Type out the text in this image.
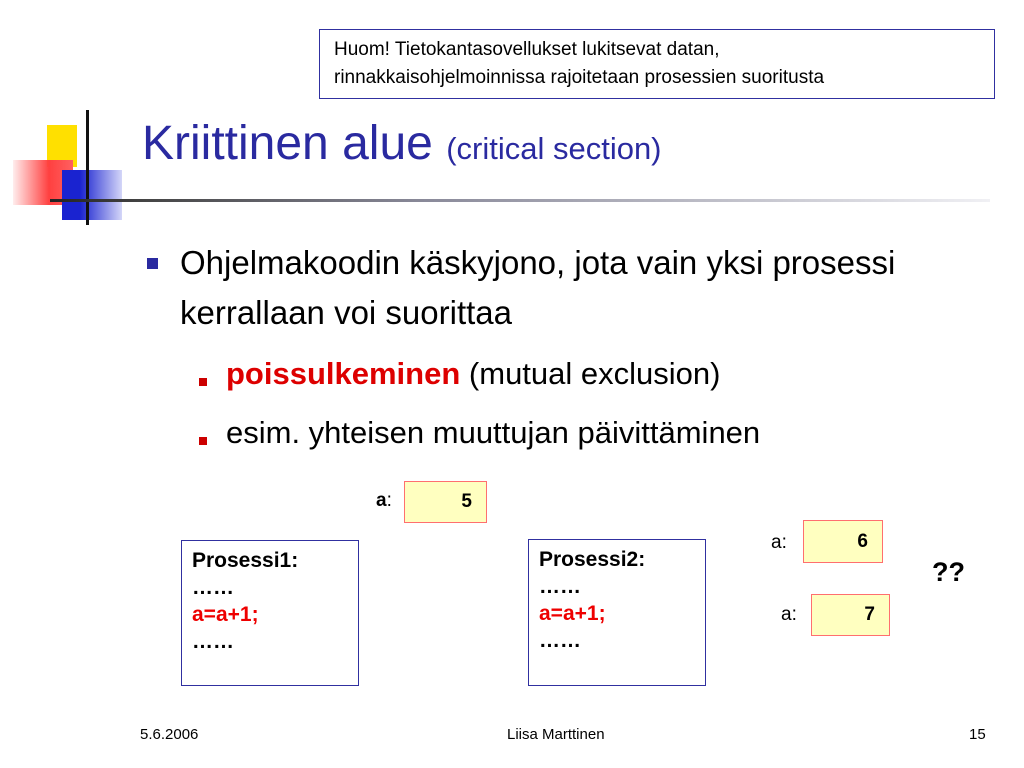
Huom! Tietokantasovellukset lukitsevat datan,
rinnakkaisohjelmoinnissa rajoitetaan prosessien suoritusta
Kriittinen alue (critical section)
Ohjelmakoodin käskyjono, jota vain yksi prosessi kerrallaan voi suorittaa
poissulkeminen (mutual exclusion)
esim. yhteisen muuttujan päivittäminen
a:	5
a:	6
a:	7
??
Prosessi1:
……
a=a+1;
……
Prosessi2:
……
a=a+1;
……
5.6.2006	Liisa Marttinen	15
